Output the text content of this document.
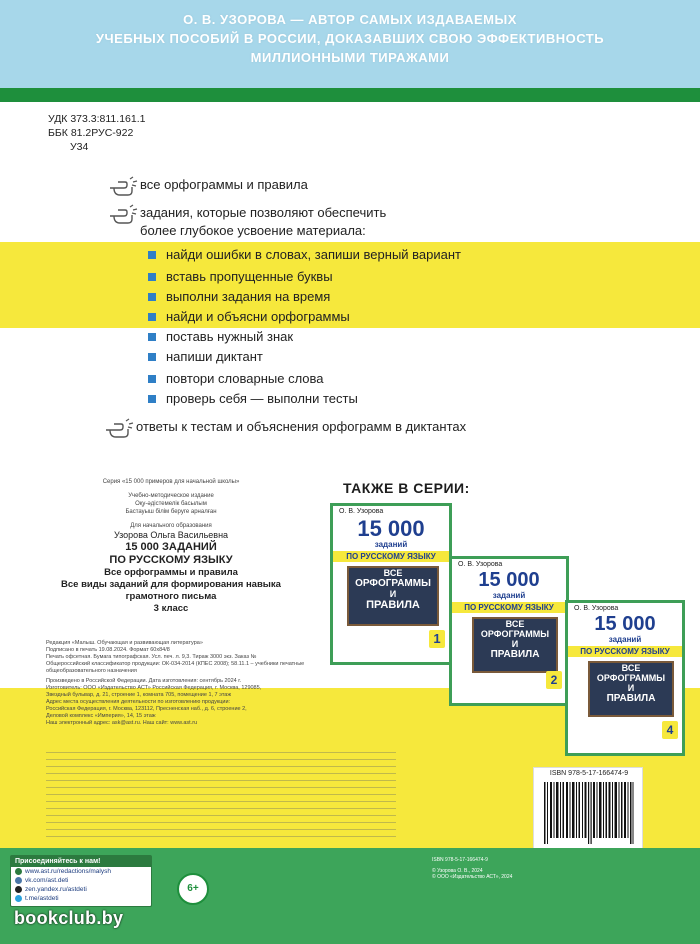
О. В. УЗОРОВА — АВТОР САМЫХ ИЗДАВАЕМЫХ
УЧЕБНЫХ ПОСОБИЙ В РОССИИ, ДОКАЗАВШИХ СВОЮ ЭФФЕКТИВНОСТЬ
МИЛЛИОННЫМИ ТИРАЖАМИ
УДК 373.3:811.161.1
ББК 81.2РУС-922
У34
все орфограммы и правила
задания, которые позволяют обеспечить
более глубокое усвоение материала:
найди ошибки в словах, запиши верный вариант
вставь пропущенные буквы
выполни задания на время
найди и объясни орфограммы
поставь нужный знак
напиши диктант
повтори словарные слова
проверь себя — выполни тесты
ответы к тестам и объяснения орфограмм в диктантах
Серия «15 000 примеров для начальной школы»
Учебно-методическое издание
Оқу-әдістемелік басылым
Бастауыш білім беруге арналған
Для начального образования
Узорова Ольга Васильевна
15 000 ЗАДАНИЙ
ПО РУССКОМУ ЯЗЫКУ
Все орфограммы и правила
Все виды заданий для формирования навыка
грамотного письма
3 класс
Редакция «Малыш. Обучающая и развивающая литература»
Подписано в печать 19.08.2024. Формат 60x84/8
Печать офсетная. Бумага типографская. Усл. печ. л. 9,3. Тираж 3000 экз. Заказ №
Общероссийский классификатор продукции: ОК-034-2014 (КПЕС 2008); 58.11.1 – учебники печатные
общеобразовательного назначения
Произведено в Российской Федерации. Дата изготовления: сентябрь 2024 г.
Изготовитель: ООО «Издательство АСТ» Российская Федерация, г. Москва, 129085,
Звездный бульвар, д. 21, строение 1, комната 705, помещение 1, 7 этаж
Адрес места осуществления деятельности по изготовлению продукции:
Российская Федерация, г. Москва, 123112, Пресненская наб., д. 6, строение 2,
Деловой комплекс «Империя», 14, 15 этаж
Наш электронный адрес: ask@ast.ru. Наш сайт: www.ast.ru
ТАКЖЕ В СЕРИИ:
О. В. Узорова
15 000
заданий
ПО РУССКОМУ ЯЗЫКУ
ВСЕ
ОРФОГРАММЫ
И
ПРАВИЛА
1
О. В. Узорова
15 000
заданий
ПО РУССКОМУ ЯЗЫКУ
ВСЕ
ОРФОГРАММЫ
И
ПРАВИЛА
2
О. В. Узорова
15 000
заданий
ПО РУССКОМУ ЯЗЫКУ
ВСЕ
ОРФОГРАММЫ
И
ПРАВИЛА
4
ISBN 978-5-17-166474-9
Присоединяйтесь к нам!
www.ast.ru/redactions/malysh
vk.com/ast.deti
zen.yandex.ru/astdeti
t.me/astdeti
6+
ISBN 978-5-17-166474-9
© Узорова О. В., 2024
© ООО «Издательство АСТ», 2024
bookclub.by
